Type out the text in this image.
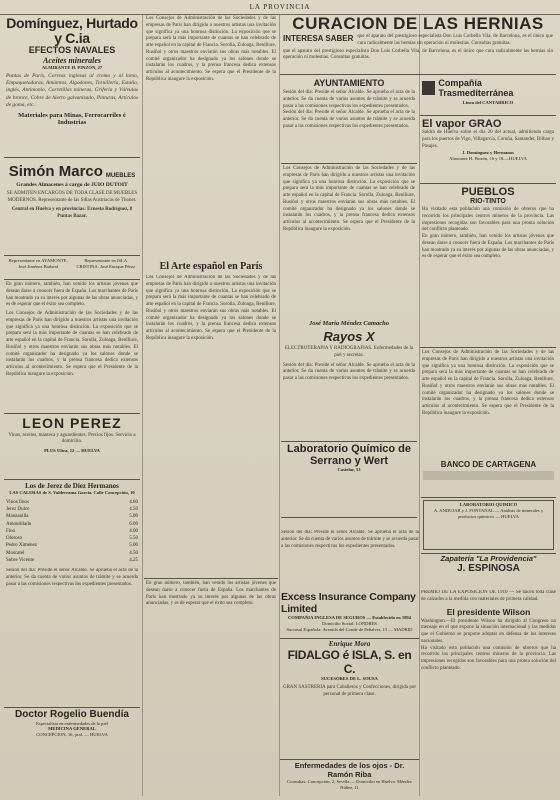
LA PROVINCIA
Domínguez, Hurtado y C.ia
EFECTOS NAVALES
Aceites minerales
ALMIRANTE H. PINZON, 27
Puntas de París, Correas inglesas al cromo y al lomo, Empaquetaduras, Amiantos, Algodones, Tornillería, Estaño, inglés, Antimonio, Carretillas mineras, Grifería y Válvulas de bronce, Cobre de hierro galvanizado, Pinturas, Artículos de goma, etc.
Materiales para Minas, Ferrocarriles é Industrias
Simón Marco MUEBLES
Grandes Almacenes á cargo de JUIO DUTOIT
SE ADMITEN ENCARGOS DE TODA CLASE DE MUEBLES MODERNOS. Representante de las Sillas Austriacas de Thonet.
Central en Huelva y en provincias: Ernesto Rodríguez, 8 Puntas Bazar.
Representante en AYAMONTE: José Jiménez Barberá
Representante en ISLA CRISTINA: José Enrique Pérez
En gran número, también, han venido los artistas jóvenes que desean darse a conocer fuera de España. Los marchantes de París han mostrado ya su interés por algunas de las obras anunciadas, y es de esperar que el éxito sea completo.
Los Consejos de Administración de las Sociedades y de las empresas de París han dirigido a nuestros artistas una invitación que significa ya una honrosa distinción. La exposición que se prepara será la más importante de cuantas se han celebrado de arte español en la capital de Francia. Sorolla, Zuloaga, Benlliure, Rusiñol y otros maestros enviarán sus obras más notables. El comité organizador ha designado ya los salones donde se instalarán los cuadros, y la prensa francesa dedica extensos artículos al acontecimiento. Se espera que el Presidente de la República inaugure la exposición.
LEON PEREZ
Vinos, aceites, manteca y aguardientes. Precios fijos. Servicio a domicilio.
PLUS Ultra, 12 — HUELVA
Los de Jerez de Díez Hermanos
LAS CALERAS de S. Valderrama García. Calle Concepción, 10
Vinos finos	4.60
Jerez Dulce	4.50
Manzanilla	5.00
Amontillado	6.00
Fino	4.00
Oloroso	5.50
Pedro Ximénez	5.00
Moscatel	4.50
Sobre Vicente	4.25
Sesión del día: Preside el señor Alcalde. Se aprueba el acta de la anterior. Se da cuenta de varios asuntos de trámite y se acuerda pasar a las comisiones respectivas los expedientes presentados.
Doctor Rogelio Buendía
Especialista en enfermedades de la piel
MEDICINA GENERAL
CONCEPCION, 16, pral. — HUELVA
Los Consejos de Administración de las Sociedades y de las empresas de París han dirigido a nuestros artistas una invitación que significa ya una honrosa distinción. La exposición que se prepara será la más importante de cuantas se han celebrado de arte español en la capital de Francia. Sorolla, Zuloaga, Benlliure, Rusiñol y otros maestros enviarán sus obras más notables. El comité organizador ha designado ya los salones donde se instalarán los cuadros, y la prensa francesa dedica extensos artículos al acontecimiento. Se espera que el Presidente de la República inaugure la exposición.
El Arte español en París
Los Consejos de Administración de las Sociedades y de las empresas de París han dirigido a nuestros artistas una invitación que significa ya una honrosa distinción. La exposición que se prepara será la más importante de cuantas se han celebrado de arte español en la capital de Francia. Sorolla, Zuloaga, Benlliure, Rusiñol y otros maestros enviarán sus obras más notables. El comité organizador ha designado ya los salones donde se instalarán los cuadros, y la prensa francesa dedica extensos artículos al acontecimiento. Se espera que el Presidente de la República inaugure la exposición.
En gran número, también, han venido los artistas jóvenes que desean darse a conocer fuera de España. Los marchantes de París han mostrado ya su interés por algunas de las obras anunciadas, y es de esperar que el éxito sea completo.
CURACION DE LAS HERNIAS
INTERESA SABER que el aparato del prestigioso especialista Don Luis Corbella Vila, de Barcelona, es el único que cura radicalmente las hernias sin operación ni molestias. Consultas gratuitas.
que el aparato del prestigioso especialista Don Luis Corbella Vila, de Barcelona, es el único que cura radicalmente las hernias sin operación ni molestias. Consultas gratuitas.
AYUNTAMIENTO
Sesión del día: Preside el señor Alcalde. Se aprueba el acta de la anterior. Se da cuenta de varios asuntos de trámite y se acuerda pasar a las comisiones respectivas los expedientes presentados.
Sesión del día: Preside el señor Alcalde. Se aprueba el acta de la anterior. Se da cuenta de varios asuntos de trámite y se acuerda pasar a las comisiones respectivas los expedientes presentados.
Los Consejos de Administración de las Sociedades y de las empresas de París han dirigido a nuestros artistas una invitación que significa ya una honrosa distinción. La exposición que se prepara será la más importante de cuantas se han celebrado de arte español en la capital de Francia. Sorolla, Zuloaga, Benlliure, Rusiñol y otros maestros enviarán sus obras más notables. El comité organizador ha designado ya los salones donde se instalarán los cuadros, y la prensa francesa dedica extensos artículos al acontecimiento. Se espera que el Presidente de la República inaugure la exposición.
José María Méndez Camacho
Rayos X
ELECTROTERAPIA Y RADIOGRAFIAS. Enfermedades de la piel y secretas.
Sesión del día: Preside el señor Alcalde. Se aprueba el acta de la anterior. Se da cuenta de varios asuntos de trámite y se acuerda pasar a las comisiones respectivas los expedientes presentados.
Laboratorio Químico de Serrano y Wert
Castelar, 33
Compañía Trasmediterránea
Línea del CANTABRICO
El vapor GRAO
Saldrá de Huelva sobre el día 20 del actual, admitiendo carga para los puertos de Vigo, Villagarcía, Coruña, Santander, Bilbao y Pasajes.
J. Domínguez y Hermanos
Almirante H. Pinzón, 16 y 18.—HUELVA
PUEBLOS
RIO-TINTO
Ha visitado esta población una comisión de obreros que ha recorrido los principales centros mineros de la provincia. Las impresiones recogidas son favorables para una pronta solución del conflicto planteado.
En gran número, también, han venido los artistas jóvenes que desean darse a conocer fuera de España. Los marchantes de París han mostrado ya su interés por algunas de las obras anunciadas, y es de esperar que el éxito sea completo.
Los Consejos de Administración de las Sociedades y de las empresas de París han dirigido a nuestros artistas una invitación que significa ya una honrosa distinción. La exposición que se prepara será la más importante de cuantas se han celebrado de arte español en la capital de Francia. Sorolla, Zuloaga, Benlliure, Rusiñol y otros maestros enviarán sus obras más notables. El comité organizador ha designado ya los salones donde se instalarán los cuadros, y la prensa francesa dedica extensos artículos al acontecimiento. Se espera que el Presidente de la República inaugure la exposición.
Sesión del día: Preside el señor Alcalde. Se aprueba el acta de la anterior. Se da cuenta de varios asuntos de trámite y se acuerda pasar a las comisiones respectivas los expedientes presentados.
BANCO DE CARTAGENA
LABORATORIO QUIMICO
A. ANDUJAR y J. FONTANAL — Análisis de minerales y productos químicos — HUELVA
Zapatería "La Providencia"
J. ESPINOSA
Excess Insurance Company Limited
COMPAÑIA INGLESA DE SEGUROS — Establecida en 1894
Domicilio Social: LONDRES
Sucursal Española: Avenida del Conde de Peñalver, 13 — MADRID
Enrique Mora
FIDALGO é ISLA, S. en C.
SUCESORES DE L. SOUSA
GRAN SASTRERIA para Caballeros y Confecciones, dirigida por personal de primera clase.
Enfermedades de los ojos - Dr. Ramón Riba
Consultas: Concepción, 2, Sevilla — Domicilio en Huelva: Méndez Núñez, 11
PREMIO DE LA EXPOSICION DE 1910 — Se hacen toda clase de calzados a la medida con materiales de primera calidad.
El presidente Wilson
Washington.—El presidente Wilson ha dirigido al Congreso un mensaje en el que expone la situación internacional y las medidas que el Gobierno se propone adoptar en defensa de los intereses nacionales.
Ha visitado esta población una comisión de obreros que ha recorrido los principales centros mineros de la provincia. Las impresiones recogidas son favorables para una pronta solución del conflicto planteado.
